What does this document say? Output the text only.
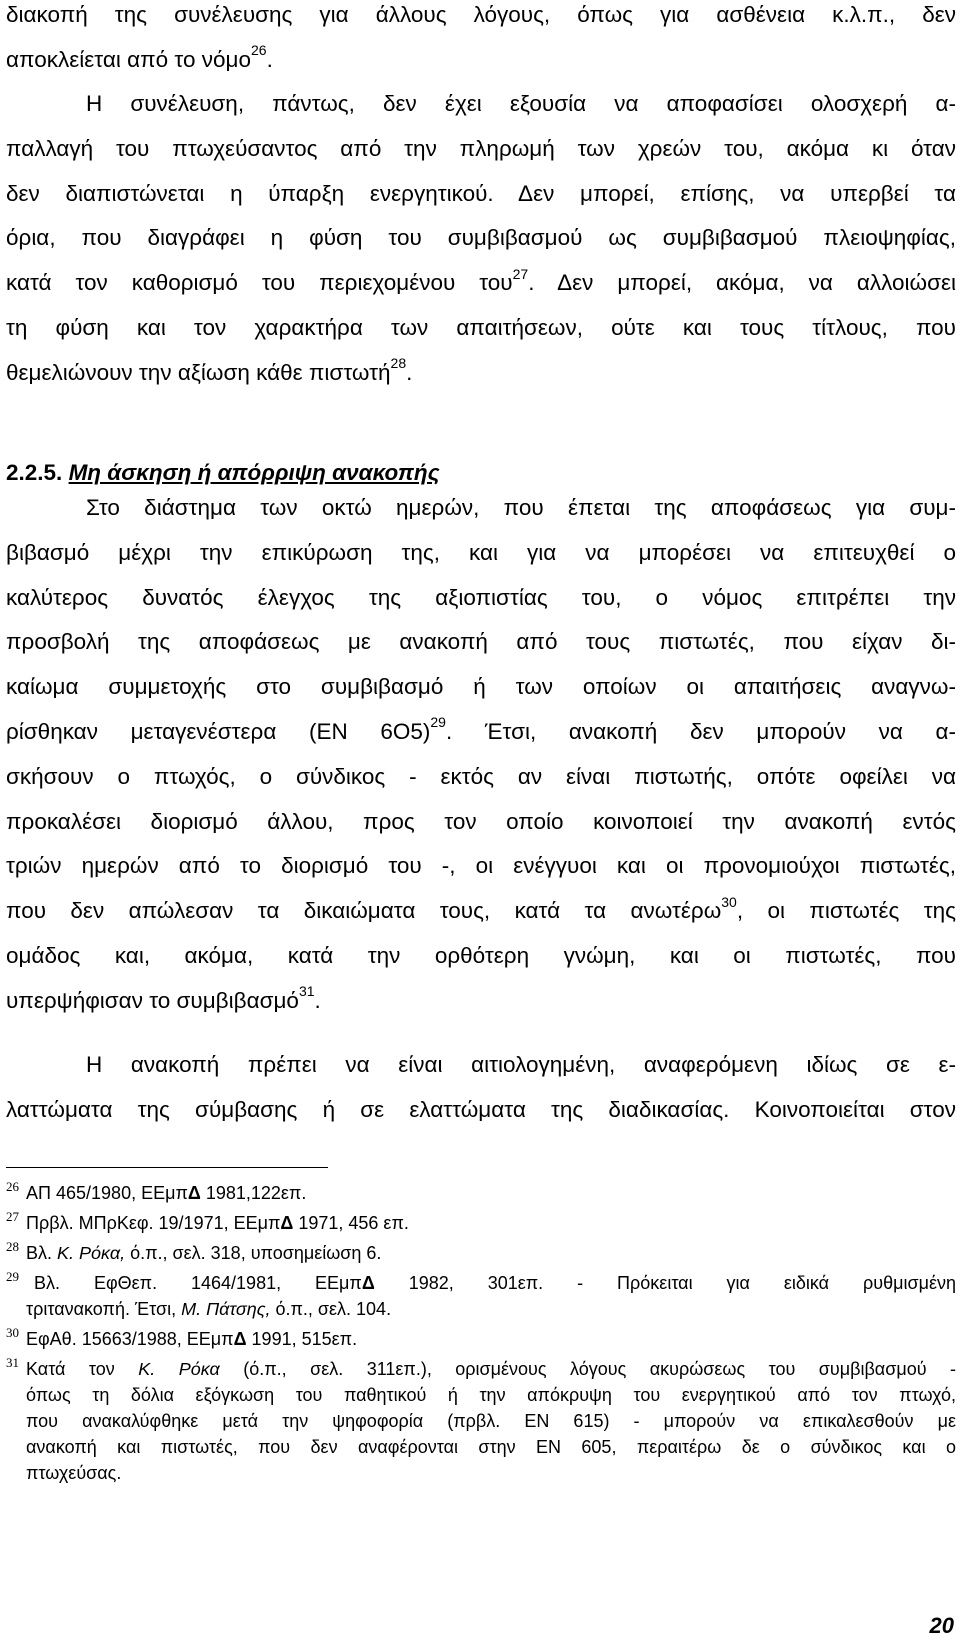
διακοπή της συνέλευσης για άλλους λόγους, όπως για ασθένεια κ.λ.π., δεν
αποκλείεται από το νόμο$^{26}$.
Η συνέλευση, πάντως, δεν έχει εξουσία να αποφασίσει ολοσχερή α-
παλλαγή του πτωχεύσαντος από την πληρωμή των χρεών του, ακόμα κι όταν
δεν διαπιστώνεται η ύπαρξη ενεργητικού. Δεν μπορεί, επίσης, να υπερβεί τα
όρια, που διαγράφει η φύση του συμβιβασμού ως συμβιβασμού πλειοψηφίας,
κατά τον καθορισμό του περιεχομένου του$^{27}$. Δεν μπορεί, ακόμα, να αλλοιώσει
τη φύση και τον χαρακτήρα των απαιτήσεων, ούτε και τους τίτλους, που
θεμελιώνουν την αξίωση κάθε πιστωτή$^{28}$.
2.2.5. Μη άσκηση ή απόρριψη ανακοπής
Στο διάστημα των οκτώ ημερών, που έπεται της αποφάσεως για συμ-
βιβασμό μέχρι την επικύρωση της, και για να μπορέσει να επιτευχθεί ο
καλύτερος δυνατός έλεγχος της αξιοπιστίας του, ο νόμος επιτρέπει την
προσβολή της αποφάσεως με ανακοπή από τους πιστωτές, που είχαν δι-
καίωμα συμμετοχής στο συμβιβασμό ή των οποίων οι απαιτήσεις αναγνω-
ρίσθηκαν μεταγενέστερα (ΕΝ 6Ο5)$^{29}$. Έτσι, ανακοπή δεν μπορούν να α-
σκήσουν ο πτωχός, ο σύνδικος - εκτός αν είναι πιστωτής, οπότε οφείλει να
προκαλέσει διορισμό άλλου, προς τον οποίο κοινοποιεί την ανακοπή εντός
τριών ημερών από το διορισμό του -, οι ενέγγυοι και οι προνομιούχοι πιστωτές,
που δεν απώλεσαν τα δικαιώματα τους, κατά τα ανωτέρω$^{30}$, οι πιστωτές της
ομάδος και, ακόμα, κατά την ορθότερη γνώμη, και οι πιστωτές, που
υπερψήφισαν το συμβιβασμό$^{31}$.
Η ανακοπή πρέπει να είναι αιτιολογημένη, αναφερόμενη ιδίως σε ε-
λαττώματα της σύμβασης ή σε ελαττώματα της διαδικασίας. Κοινοποιείται στον
26 ΑΠ 465/1980, ΕΕμπΔ 1981,122επ.
27 Πρβλ. ΜΠρΚεφ. 19/1971, ΕΕμπΔ 1971, 456 επ.
28 Βλ. Κ. Ρόκα, ό.π., σελ. 318, υποσημείωση 6.
29 Βλ. ΕφΘεπ. 1464/1981, ΕΕμπΔ 1982, 301επ. - Πρόκειται για ειδικά ρυθμισμένη
τριτανακοπή. Έτσι, Μ. Πάτσης, ό.π., σελ. 104.
30 ΕφΑθ. 15663/1988, ΕΕμπΔ 1991, 515επ.
31 Κατά τον Κ. Ρόκα (ό.π., σελ. 311επ.), ορισμένους λόγους ακυρώσεως του συμβιβασμού -
όπως τη δόλια εξόγκωση του παθητικού ή την απόκρυψη του ενεργητικού από τον πτωχό,
που ανακαλύφθηκε μετά την ψηφοφορία (πρβλ. ΕΝ 615) - μπορούν να επικαλεσθούν με
ανακοπή και πιστωτές, που δεν αναφέρονται στην ΕΝ 605, περαιτέρω δε ο σύνδικος και ο
πτωχεύσας.
20
